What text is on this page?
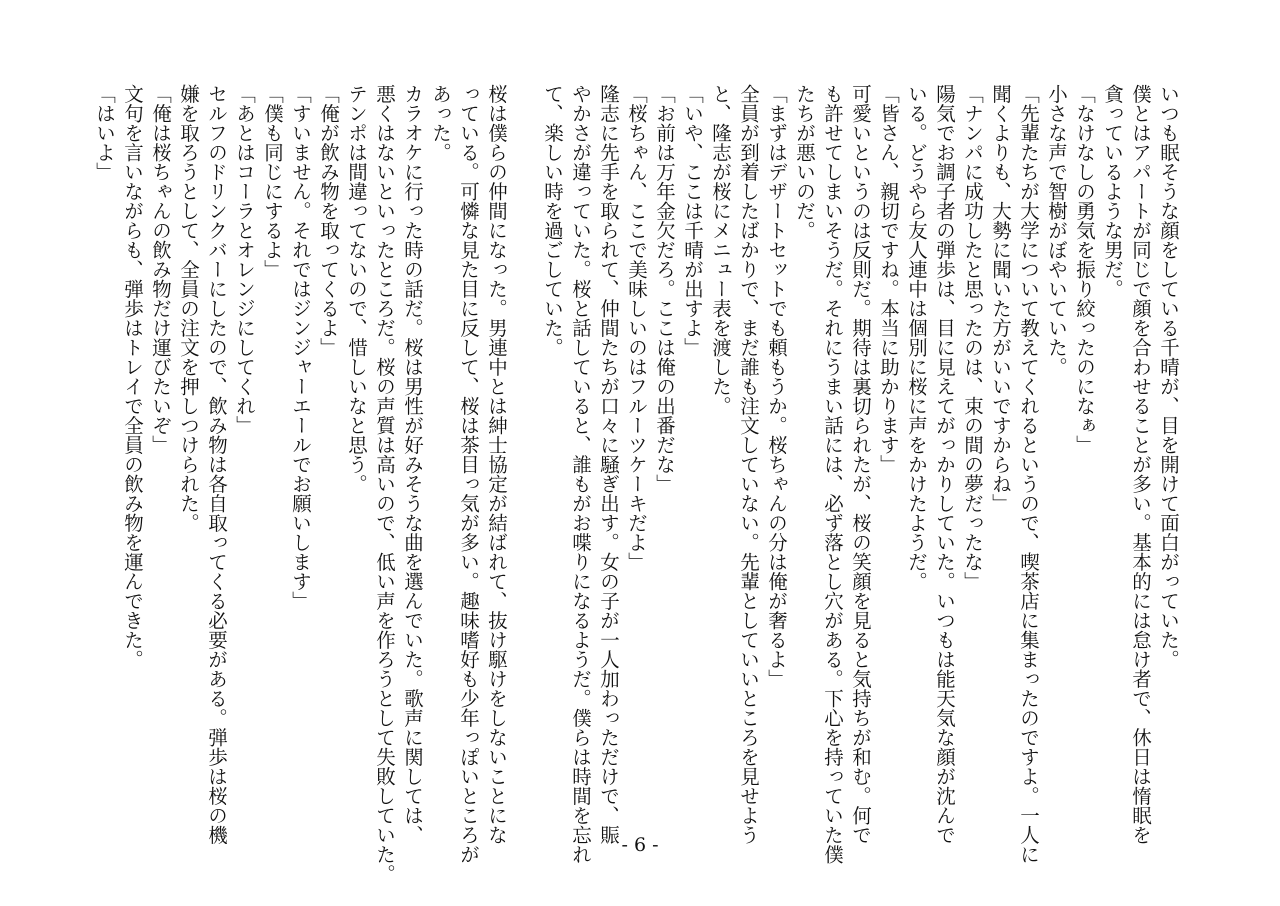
いつも眠そうな顔をしている千晴が、目を開けて面白がっていた。
僕とはアパートが同じで顔を合わせることが多い。基本的には怠け者で、休日は惰眠を
貪っているような男だ。
「なけなしの勇気を振り絞ったのになぁ」
小さな声で智樹がぼやいていた。
「先輩たちが大学について教えてくれるというので、喫茶店に集まったのですよ。一人に
聞くよりも、大勢に聞いた方がいいですからね」
「ナンパに成功したと思ったのは、束の間の夢だったな」
陽気でお調子者の弾歩は、目に見えてがっかりしていた。いつもは能天気な顔が沈んで
いる。どうやら友人連中は個別に桜に声をかけたようだ。
「皆さん、親切ですね。本当に助かります」
可愛いというのは反則だ。期待は裏切られたが、桜の笑顔を見ると気持ちが和む。何で
も許せてしまいそうだ。それにうまい話には、必ず落とし穴がある。下心を持っていた僕
たちが悪いのだ。
「まずはデザートセットでも頼もうか。桜ちゃんの分は俺が奢るよ」
全員が到着したばかりで、まだ誰も注文していない。先輩としていいところを見せよう
と、隆志が桜にメニュー表を渡した。
「いや、ここは千晴が出すよ」
「お前は万年金欠だろ。ここは俺の出番だな」
「桜ちゃん、ここで美味しいのはフルーツケーキだよ」
隆志に先手を取られて、仲間たちが口々に騒ぎ出す。女の子が一人加わっただけで、賑
やかさが違っていた。桜と話していると、誰もがお喋りになるようだ。僕らは時間を忘れ
て、楽しい時を過ごしていた。

桜は僕らの仲間になった。男連中とは紳士協定が結ばれて、抜け駆けをしないことにな
っている。可憐な見た目に反して、桜は茶目っ気が多い。趣味嗜好も少年っぽいところが
あった。
カラオケに行った時の話だ。桜は男性が好みそうな曲を選んでいた。歌声に関しては、
悪くはないといったところだ。桜の声質は高いので、低い声を作ろうとして失敗していた。
テンポは間違ってないので、惜しいなと思う。
「俺が飲み物を取ってくるよ」
「すいません。それではジンジャーエールでお願いします」
「僕も同じにするよ」
「あとはコーラとオレンジにしてくれ」
セルフのドリンクバーにしたので、飲み物は各自取ってくる必要がある。弾歩は桜の機
嫌を取ろうとして、全員の注文を押しつけられた。
「俺は桜ちゃんの飲み物だけ運びたいぞ」
文句を言いながらも、弾歩はトレイで全員の飲み物を運んできた。
「はいよ」
- 6 -
